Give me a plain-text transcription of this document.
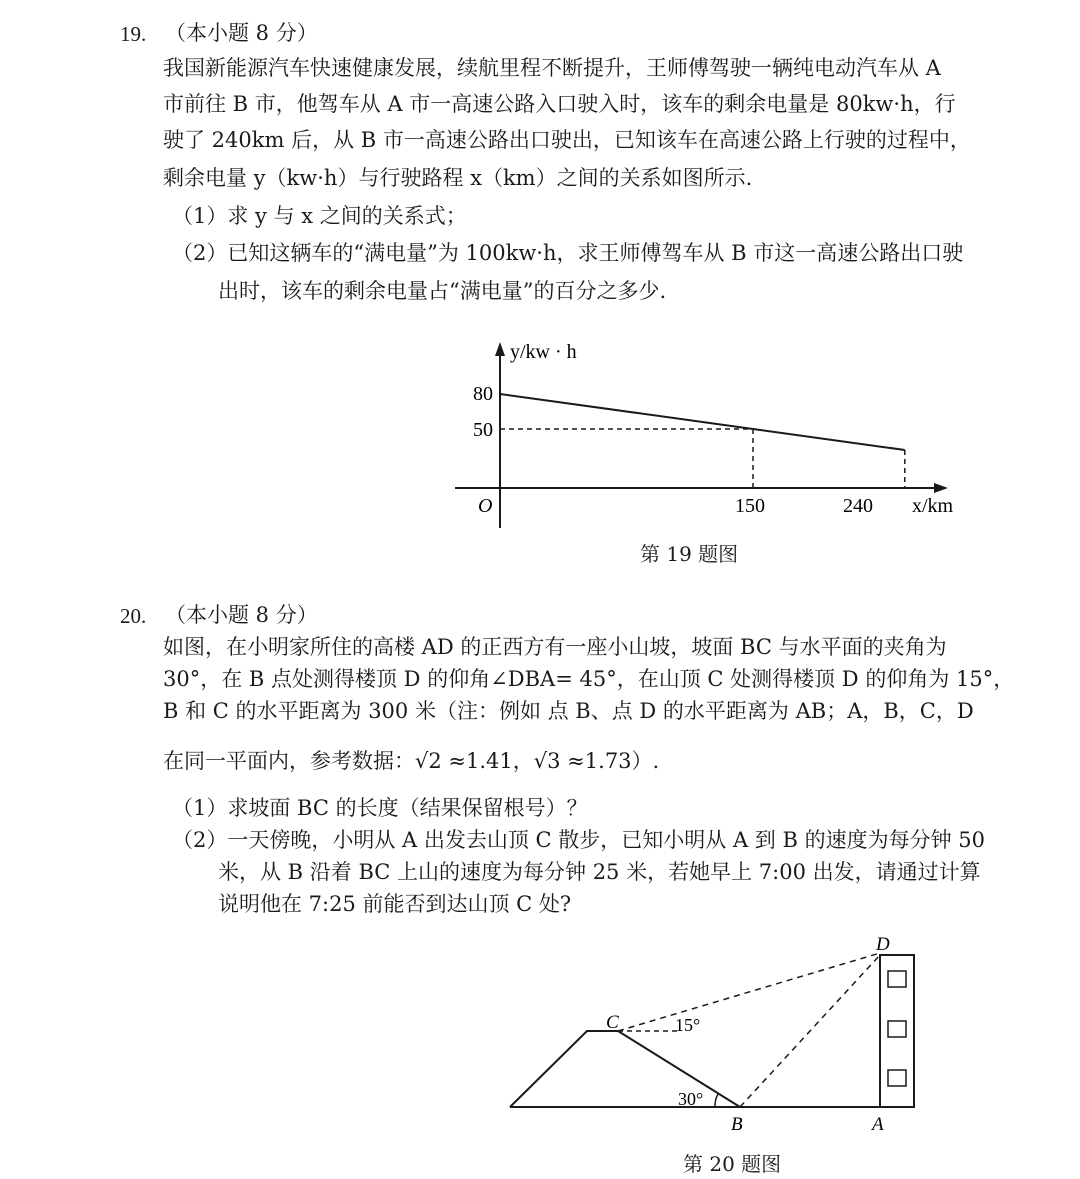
19. （本小题 8 分）
我国新能源汽车快速健康发展，续航里程不断提升，王师傅驾驶一辆纯电动汽车从 A
市前往 B 市，他驾车从 A 市一高速公路入口驶入时，该车的剩余电量是 80kw·h，行
驶了 240km 后，从 B 市一高速公路出口驶出，已知该车在高速公路上行驶的过程中，
剩余电量 y（kw·h）与行驶路程 x（km）之间的关系如图所示.
（1）求 y 与 x 之间的关系式；
（2）已知这辆车的“满电量”为 100kw·h，求王师傅驾车从 B 市这一高速公路出口驶
出时，该车的剩余电量占“满电量”的百分之多少.
y/kw · h
x/km
O
80
50
150	240
第 19 题图
20. （本小题 8 分）
如图，在小明家所住的高楼 AD 的正西方有一座小山坡，坡面 BC 与水平面的夹角为
30°，在 B 点处测得楼顶 D 的仰角∠DBA= 45°，在山顶 C 处测得楼顶 D 的仰角为 15°，
B 和 C 的水平距离为 300 米（注：例如 点 B、点 D 的水平距离为 AB；A，B，C，D
在同一平面内，参考数据：√2 ≈1.41，√3 ≈1.73）.
（1）求坡面 BC 的长度（结果保留根号）？
（2）一天傍晚，小明从 A 出发去山顶 C 散步，已知小明从 A 到 B 的速度为每分钟 50
米，从 B 沿着 BC 上山的速度为每分钟 25 米，若她早上 7:00 出发，请通过计算
说明他在 7:25 前能否到达山顶 C 处?
D
C	15°
30°
B	A
第 20 题图
